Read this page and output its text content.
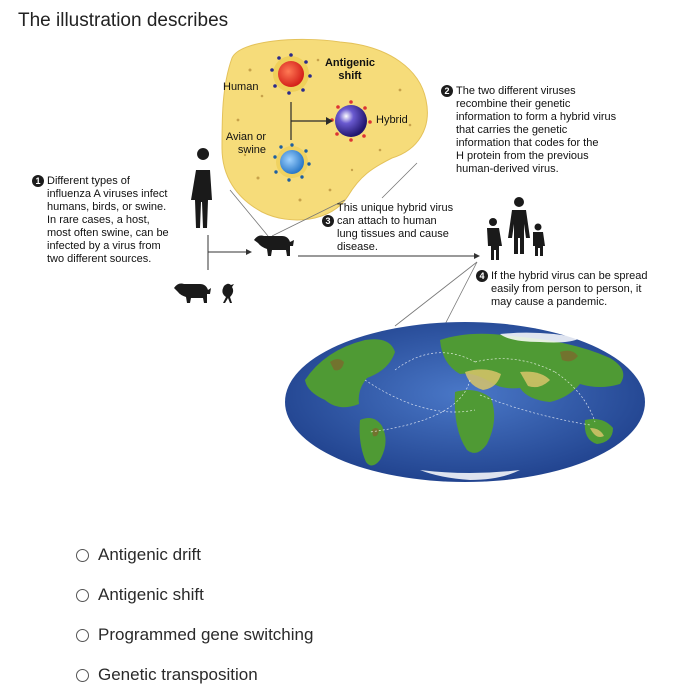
The illustration describes
Human
Avian or
swine
Antigenic
shift
Hybrid
1 Different types of
influenza A viruses infect
humans, birds, or swine.
In rare cases, a host,
most often swine, can be
infected by a virus from
two different sources.
2 The two different viruses
recombine their genetic
information to form a hybrid virus
that carries the genetic
information that codes for the
H protein from the previous
human-derived virus.
This unique hybrid virus
3 can attach to human
lung tissues and cause
disease.
4 If the hybrid virus can be spread
easily from person to person, it
may cause a pandemic.
Antigenic drift
Antigenic shift
Programmed gene switching
Genetic transposition
